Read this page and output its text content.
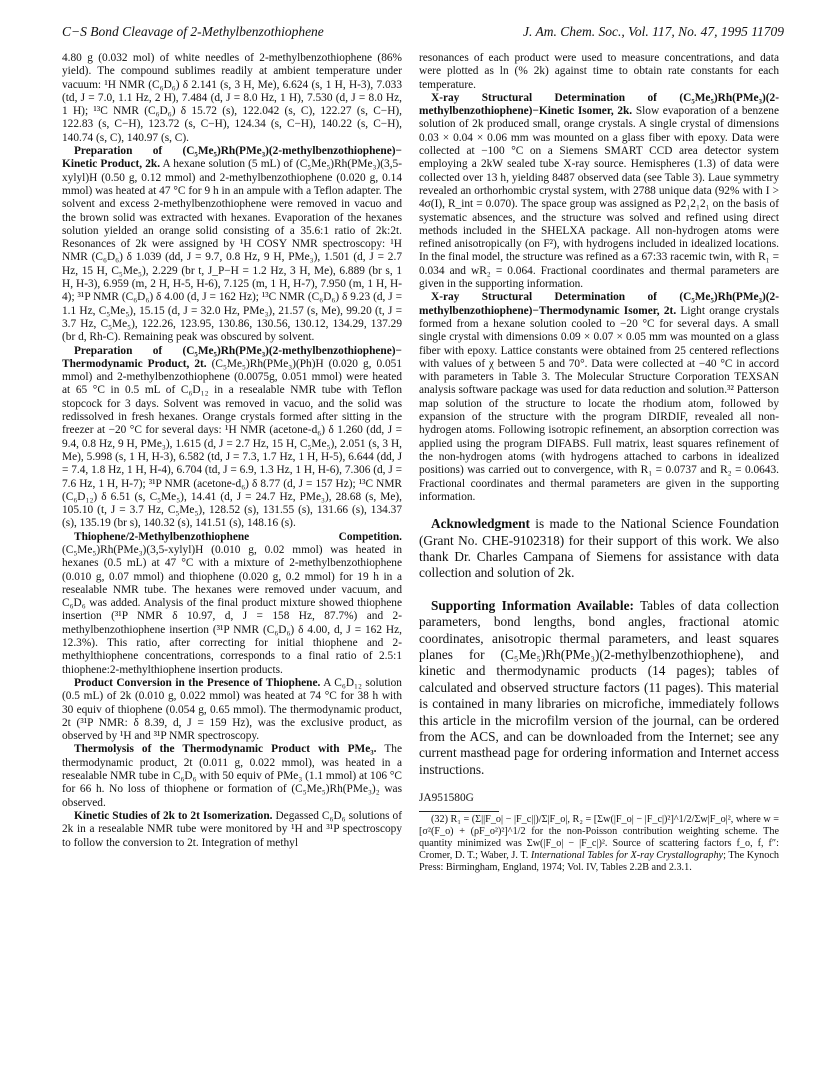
C−S Bond Cleavage of 2-Methylbenzothiophene	J. Am. Chem. Soc., Vol. 117, No. 47, 1995 11709

4.80 g (0.032 mol) of white needles of 2-methylbenzothiophene (86% yield). The compound sublimes readily at ambient temperature under vacuum: ¹H NMR (C₆D₆) δ 2.141 (s, 3 H, Me), 6.624 (s, 1 H, H-3), 7.033 (td, J = 7.0, 1.1 Hz, 2 H), 7.484 (d, J = 8.0 Hz, 1 H), 7.530 (d, J = 8.0 Hz, 1 H); ¹³C NMR (C₆D₆) δ 15.72 (s), 122.042 (s, C), 122.27 (s, C−H), 122.83 (s, C−H), 123.72 (s, C−H), 124.34 (s, C−H), 140.22 (s, C−H), 140.74 (s, C), 140.97 (s, C).

Preparation of (C₅Me₅)Rh(PMe₃)(2-methylbenzothiophene)− Kinetic Product, 2k. A hexane solution (5 mL) of (C₅Me₅)Rh(PMe₃)(3,5-xylyl)H (0.50 g, 0.12 mmol) and 2-methylbenzothiophene (0.020 g, 0.14 mmol) was heated at 47 °C for 9 h in an ampule with a Teflon adapter. The solvent and excess 2-methylbenzothiophene were removed in vacuo and the brown solid was extracted with hexanes. Evaporation of the hexanes solution yielded an orange solid consisting of a 35.6:1 ratio of 2k:2t. Resonances of 2k were assigned by ¹H COSY NMR spectroscopy: ¹H NMR (C₆D₆) δ 1.039 (dd, J = 9.7, 0.8 Hz, 9 H, PMe₃), 1.501 (d, J = 2.7 Hz, 15 H, C₅Me₅), 2.229 (br t, J_P−H = 1.2 Hz, 3 H, Me), 6.889 (br s, 1 H, H-3), 6.959 (m, 2 H, H-5, H-6), 7.125 (m, 1 H, H-7), 7.950 (m, 1 H, H-4); ³¹P NMR (C₆D₆) δ 4.00 (d, J = 162 Hz); ¹³C NMR (C₆D₆) δ 9.23 (d, J = 1.1 Hz, C₅Me₅), 15.15 (d, J = 32.0 Hz, PMe₃), 21.57 (s, Me), 99.20 (t, J = 3.7 Hz, C₅Me₅), 122.26, 123.95, 130.86, 130.56, 130.12, 134.29, 137.29 (br d, Rh-C). Remaining peak was obscured by solvent.

Preparation of (C₅Me₅)Rh(PMe₃)(2-methylbenzothiophene)− Thermodynamic Product, 2t. (C₅Me₅)Rh(PMe₃)(Ph)H (0.020 g, 0.051 mmol) and 2-methylbenzothiophene (0.0075g, 0.051 mmol) were heated at 65 °C in 0.5 mL of C₆D₁₂ in a resealable NMR tube with Teflon stopcock for 3 days. Solvent was removed in vacuo, and the solid was redissolved in fresh hexanes. Orange crystals formed after sitting in the freezer at −20 °C for several days: ¹H NMR (acetone-d₆) δ 1.260 (dd, J = 9.4, 0.8 Hz, 9 H, PMe₃), 1.615 (d, J = 2.7 Hz, 15 H, C₅Me₅), 2.051 (s, 3 H, Me), 5.998 (s, 1 H, H-3), 6.582 (td, J = 7.3, 1.7 Hz, 1 H, H-5), 6.644 (dd, J = 7.4, 1.8 Hz, 1 H, H-4), 6.704 (td, J = 6.9, 1.3 Hz, 1 H, H-6), 7.306 (d, J = 7.6 Hz, 1 H, H-7); ³¹P NMR (acetone-d₆) δ 8.77 (d, J = 157 Hz); ¹³C NMR (C₆D₁₂) δ 6.51 (s, C₅Me₅), 14.41 (d, J = 24.7 Hz, PMe₃), 28.68 (s, Me), 105.10 (t, J = 3.7 Hz, C₅Me₅), 128.52 (s), 131.55 (s), 131.66 (s), 134.37 (s), 135.19 (br s), 140.32 (s), 141.51 (s), 148.16 (s).

Thiophene/2-Methylbenzothiophene Competition. (C₅Me₅)Rh(PMe₃)(3,5-xylyl)H (0.010 g, 0.02 mmol) was heated in hexanes (0.5 mL) at 47 °C with a mixture of 2-methylbenzothiophene (0.010 g, 0.07 mmol) and thiophene (0.020 g, 0.2 mmol) for 19 h in a resealable NMR tube. The hexanes were removed under vacuum, and C₆D₆ was added. Analysis of the final product mixture showed thiophene insertion (³¹P NMR δ 10.97, d, J = 158 Hz, 87.7%) and 2-methylbenzothiophene insertion (³¹P NMR (C₆D₆) δ 4.00, d, J = 162 Hz, 12.3%). This ratio, after correcting for initial thiophene and 2-methylthiophene concentrations, corresponds to a final ratio of 2.5:1 thiophene:2-methylthiophene insertion products.

Product Conversion in the Presence of Thiophene. A C₆D₁₂ solution (0.5 mL) of 2k (0.010 g, 0.022 mmol) was heated at 74 °C for 38 h with 30 equiv of thiophene (0.054 g, 0.65 mmol). The thermodynamic product, 2t (³¹P NMR: δ 8.39, d, J = 159 Hz), was the exclusive product, as observed by ¹H and ³¹P NMR spectroscopy.

Thermolysis of the Thermodynamic Product with PMe₃. The thermodynamic product, 2t (0.011 g, 0.022 mmol), was heated in a resealable NMR tube in C₆D₆ with 50 equiv of PMe₃ (1.1 mmol) at 106 °C for 66 h. No loss of thiophene or formation of (C₅Me₅)Rh(PMe₃)₂ was observed.

Kinetic Studies of 2k to 2t Isomerization. Degassed C₆D₆ solutions of 2k in a resealable NMR tube were monitored by ¹H and ³¹P spectroscopy to follow the conversion to 2t. Integration of methyl

resonances of each product were used to measure concentrations, and data were plotted as ln (% 2k) against time to obtain rate constants for each temperature.

X-ray Structural Determination of (C₅Me₅)Rh(PMe₃)(2-methylbenzothiophene)−Kinetic Isomer, 2k. Slow evaporation of a benzene solution of 2k produced small, orange crystals. A single crystal of dimensions 0.03 × 0.04 × 0.06 mm was mounted on a glass fiber with epoxy. Data were collected at −100 °C on a Siemens SMART CCD area detector system employing a 2kW sealed tube X-ray source. Hemispheres (1.3) of data were collected over 13 h, yielding 8487 observed data (see Table 3). Laue symmetry revealed an orthorhombic crystal system, with 2788 unique data (92% with I > 4σ(I), R_int = 0.070). The space group was assigned as P2₁2₁2₁ on the basis of systematic absences, and the structure was solved and refined using direct methods included in the SHELXA package. All non-hydrogen atoms were refined anisotropically (on F²), with hydrogens included in idealized locations. In the final model, the structure was refined as a 67:33 racemic twin, with R₁ = 0.034 and wR₂ = 0.064. Fractional coordinates and thermal parameters are given in the supporting information.

X-ray Structural Determination of (C₅Me₅)Rh(PMe₃)(2-methylbenzothiophene)−Thermodynamic Isomer, 2t. Light orange crystals formed from a hexane solution cooled to −20 °C for several days. A small single crystal with dimensions 0.09 × 0.07 × 0.05 mm was mounted on a glass fiber with epoxy. Lattice constants were obtained from 25 centered reflections with values of χ between 5 and 70°. Data were collected at −40 °C in accord with parameters in Table 3. The Molecular Structure Corporation TEXSAN analysis software package was used for data reduction and solution.³² Patterson map solution of the structure to locate the rhodium atom, followed by expansion of the structure with the program DIRDIF, revealed all non-hydrogen atoms. Following isotropic refinement, an absorption correction was applied using the program DIFABS. Full matrix, least squares refinement of the non-hydrogen atoms (with hydrogens attached to carbons in idealized positions) was carried out to convergence, with R₁ = 0.0737 and R₂ = 0.0643. Fractional coordinates and thermal parameters are given in the supporting information.

Acknowledgment is made to the National Science Foundation (Grant No. CHE-9102318) for their support of this work. We also thank Dr. Charles Campana of Siemens for assistance with data collection and solution of 2k.

Supporting Information Available: Tables of data collection parameters, bond lengths, bond angles, fractional atomic coordinates, anisotropic thermal parameters, and least squares planes for (C₅Me₅)Rh(PMe₃)(2-methylbenzothiophene), and kinetic and thermodynamic products (14 pages); tables of calculated and observed structure factors (11 pages). This material is contained in many libraries on microfiche, immediately follows this article in the microfilm version of the journal, can be ordered from the ACS, and can be downloaded from the Internet; see any current masthead page for ordering information and Internet access instructions.

JA951580G

(32) R₁ = (Σ||F_o| − |F_c||)/Σ|F_o|, R₂ = [Σw(|F_o| − |F_c|)²]^1/2/Σw|F_o|², where w = [σ²(F_o) + (ρF_o²)²]^1/2 for the non-Poisson contribution weighting scheme. The quantity minimized was Σw(|F_o| − |F_c|)². Source of scattering factors f_o, f, f″: Cromer, D. T.; Waber, J. T. International Tables for X-ray Crystallography; The Kynoch Press: Birmingham, England, 1974; Vol. IV, Tables 2.2B and 2.3.1.
